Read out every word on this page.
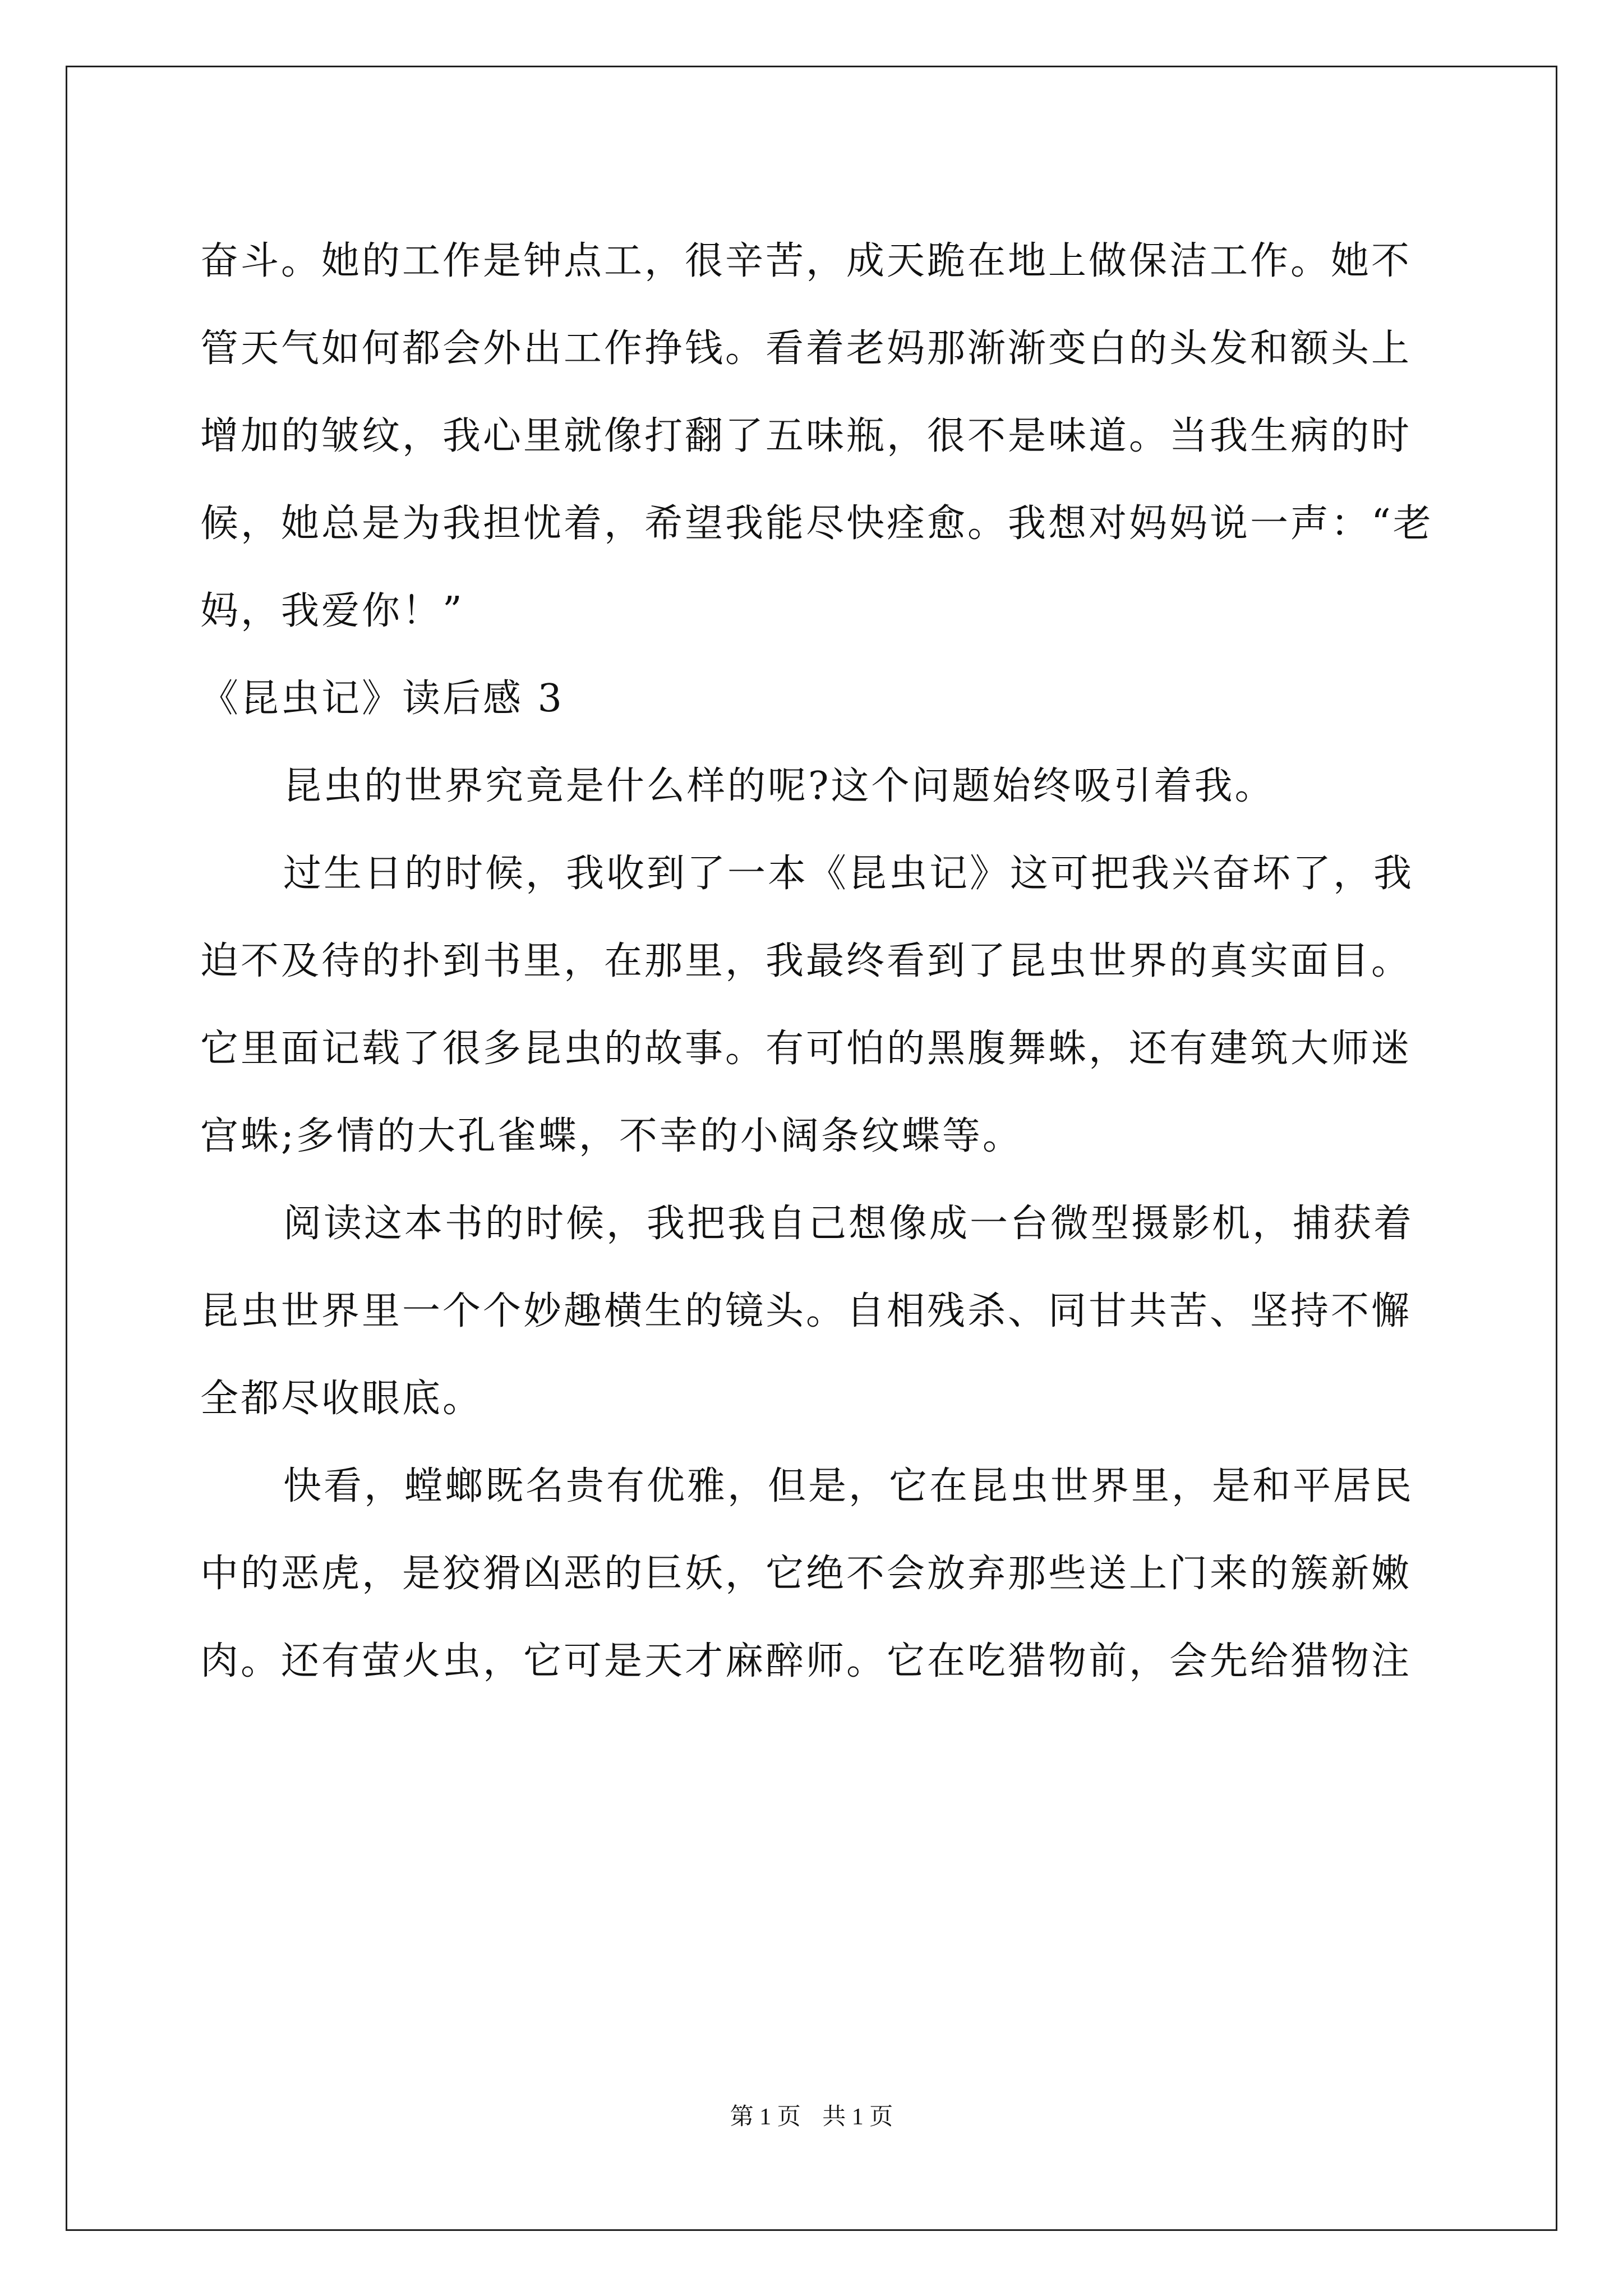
奋斗。她的工作是钟点工，很辛苦，成天跪在地上做保洁工作。她不
管天气如何都会外出工作挣钱。看着老妈那渐渐变白的头发和额头上
增加的皱纹，我心里就像打翻了五味瓶，很不是味道。当我生病的时
候，她总是为我担忧着，希望我能尽快痊愈。我想对妈妈说一声：“老
妈，我爱你！”
《昆虫记》读后感 3
昆虫的世界究竟是什么样的呢?这个问题始终吸引着我。
过生日的时候，我收到了一本《昆虫记》这可把我兴奋坏了，我
迫不及待的扑到书里，在那里，我最终看到了昆虫世界的真实面目。
它里面记载了很多昆虫的故事。有可怕的黑腹舞蛛，还有建筑大师迷
宫蛛;多情的大孔雀蝶，不幸的小阔条纹蝶等。
阅读这本书的时候，我把我自己想像成一台微型摄影机，捕获着
昆虫世界里一个个妙趣横生的镜头。自相残杀、同甘共苦、坚持不懈
全都尽收眼底。
快看，螳螂既名贵有优雅，但是，它在昆虫世界里，是和平居民
中的恶虎，是狡猾凶恶的巨妖，它绝不会放弃那些送上门来的簇新嫩
肉。还有萤火虫，它可是天才麻醉师。它在吃猎物前，会先给猎物注
第 1 页 共 1 页
